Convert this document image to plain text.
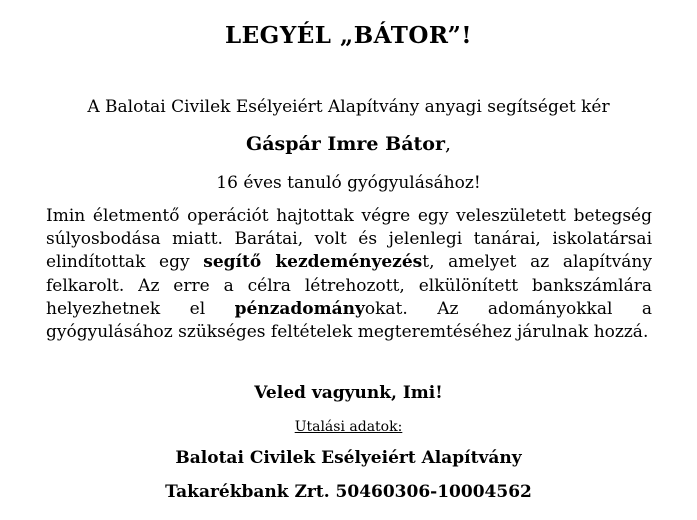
LEGYÉL „BÁTOR”!
A Balotai Civilek Esélyeiért Alapítvány anyagi segítséget kér
Gáspár Imre Bátor,
16 éves tanuló gyógyulásához!
Imin életmentő operációt hajtottak végre egy veleszületett betegség súlyosbodása miatt. Barátai, volt és jelenlegi tanárai, iskolatársai elindítottak egy segítő kezdeményezést, amelyet az alapítvány felkarolt. Az erre a célra létrehozott, elkülönített bankszámlára helyezhetnek el pénzadományokat. Az adományokkal a gyógyulásához szükséges feltételek megteremtéséhez járulnak hozzá.
Veled vagyunk, Imi!
Utalási adatok:
Balotai Civilek Esélyeiért Alapítvány
Takarékbank Zrt. 50460306-10004562
